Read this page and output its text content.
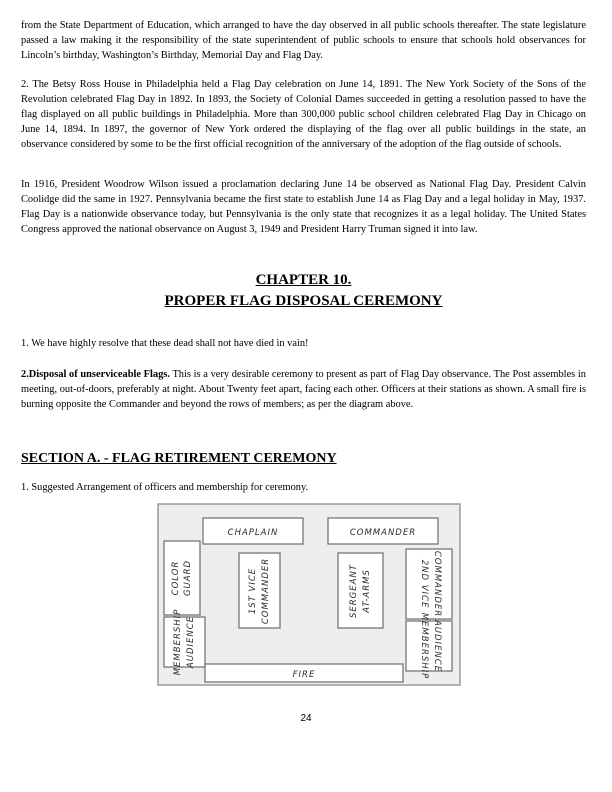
from the State Department of Education, which arranged to have the day observed in all public schools thereafter. The state legislature passed a law making it the responsibility of the state superintendent of public schools to ensure that schools hold observances for Lincoln’s birthday, Washington’s Birthday, Memorial Day and Flag Day.

2. The Betsy Ross House in Philadelphia held a Flag Day celebration on June 14, 1891. The New York Society of the Sons of the Revolution celebrated Flag Day in 1892. In 1893, the Society of Colonial Dames succeeded in getting a resolution passed to have the flag displayed on all public buildings in Philadelphia. More than 300,000 public school children celebrated Flag Day in Chicago on June 14, 1894. In 1897, the governor of New York ordered the displaying of the flag over all public buildings in the state, an observance considered by some to be the first official recognition of the anniversary of the adoption of the flag outside of schools.

In 1916, President Woodrow Wilson issued a proclamation declaring June 14 be observed as National Flag Day. President Calvin Coolidge did the same in 1927. Pennsylvania became the first state to establish June 14 as Flag Day and a legal holiday in May, 1937. Flag Day is a nationwide observance today, but Pennsylvania is the only state that recognizes it as a legal holiday. The United States Congress approved the national observance on August 3, 1949 and President Harry Truman signed it into law.

CHAPTER 10.
PROPER FLAG DISPOSAL CEREMONY

1. We have highly resolve that these dead shall not have died in vain!

2.Disposal of unserviceable Flags. This is a very desirable ceremony to present as part of Flag Day observance. The Post assembles in meeting, out-of-doors, preferably at night. About Twenty feet apart, facing each other. Officers at their stations as shown. A small fire is burning opposite the Commander and beyond the rows of members; as per the diagram above.

SECTION A. - FLAG RETIREMENT CEREMONY

1. Suggested Arrangement of officers and membership for ceremony.

CHAPLAIN	COMMANDER
COLOR GUARD	1ST VICE COMMANDER	SERGEANT AT-ARMS	2ND VICE COMMANDER
MEMBERSHIP AUDIENCE	MEMBERSHIP AUDIENCE
FIRE
24
